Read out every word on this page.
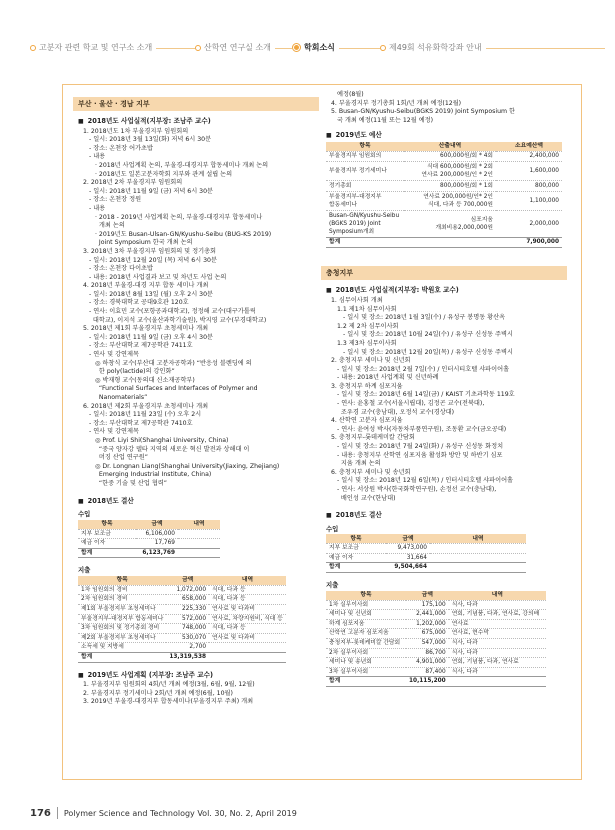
고분자 관련 학교 및 연구소 소개	산학연 연구실 소개	학회소식	제49회 석유화학강좌 안내
부산 · 울산 · 경남 지부
■ 2018년도 사업실적(지부장: 조남주 교수)
1. 2018년도 1차 부울경지부 임원회의
- 일시: 2018년 3월 13일(화) 저녁 6시 30분
- 장소: 온천장 어가초밥
- 내용
· 2018년 사업계획 논의, 부울경-대경지부 합동세미나 개최 논의
· 2018년도 일본고분자학회 지부와 관계 설립 논의
2. 2018년 2차 부울경지부 임원회의
- 일시: 2018년 11월 9일 (금) 저녁 6시 30분
- 장소: 온천장 정원
- 내용
· 2018 - 2019년 사업계획 논의, 부울경-대경지부 합동세미나
개최 논의
· 2019년도 Busan-Ulsan-GN/Kyushu-Seibu (BUG-KS 2019)
Joint Symposium 한국 개최 논의
3. 2018년 3차 부울경지부 임원회의 및 정기총회
- 일시: 2018년 12월 20일 (목) 저녁 6시 30분
- 장소: 온천장 다이초밥
- 내용: 2018년 사업결과 보고 및 차년도 사업 논의
4. 2018년 부울경-대경 지부 합동 세미나 개최
- 일시: 2018년 8월 13일 (월) 오후 2시 30분
- 장소: 경북대학교 공대9호관 120호
- 연사: 이효민 교수(포항공과대학교), 정정해 교수(대구가톨릭
대학교), 이지석 교수(울산과학기술원), 박지영 교수(부경대학교)
5. 2018년 제1회 부울경지부 초청세미나 개최
- 일시: 2018년 11월 9일 (금) 오후 4시 30분
- 장소: 부산대학교 제7공학관 7411호
- 연사 및 강연제목
◎ 하창식 교수(부산대 고분자공학과) “반응성 블렌딩에 의
한 poly(lactide)의 강인화”
◎ 박재형 교수(동의대 신소재공학부)
“Functional Surfaces and Interfaces of Polymer and
Nanomaterials”
6. 2018년 제2회 부울경지부 초청세미나 개최
- 일시: 2018년 11월 23일 (수) 오후 2시
- 장소: 부산대학교 제7공학관 7410호
- 연사 및 강연제목
◎ Prof. Liyi Shi(Shanghai University, China)
“중국 양자강 델타 지역의 새로운 혁신 발전과 상해대 이
머징 산업 연구원”
◎ Dr. Longnan Liang(Shanghai University(Jiaxing, Zhejiang)
Emerging Industrial Institute, China)
“한중 기술 및 산업 협력”
■ 2018년도 결산
수입
항목	금액	내역
지부 보조금	6,106,000	
예금 이자	17,769	
합계	6,123,769	
지출
항목	금액	내역
1차 임원회의 경비	1,072,000	식대, 다과 등
2차 임원회의 경비	658,000	식대, 다과 등
제1회 부울경지부 초청세미나	225,330	연사료 및 다과비
부울경지부-대경지부 합동세미나	572,000	연사료, 차량지원비, 식대 등
3차 임원회의 및 정기총회 경비	748,000	식대, 다과 등
제2회 부울경지부 초청세미나	530,070	연사료 및 다과비
소득세 및 지방세	2,700	
합계	13,319,538	
■ 2019년도 사업계획 (지부장: 조남주 교수)
1. 부울경지부 임원회의 4회/년 개최 예정(3월, 6월, 9월, 12월)
2. 부울경지부 정기세미나 2회/년 개최 예정(6월, 10월)
3. 2019년 부울경-대경지부 합동세미나(부울경지부 주최) 개최
예정(8월)
4. 부울경지부 정기총회 1회/년 개최 예정(12월)
5. Busan-GN/Kyushu-Seibu(BGKS 2019) Joint Symposium 한
국 개최 예정(11월 또는 12월 예정)
■ 2019년도 예산
항목	산출내역	소요예산액
부울경지부 임원회의	600,000원/회 * 4회	2,400,000
부울경지부 정기세미나	식대 600,000원/회 * 2회
연사료 200,000원/인 * 2인	1,600,000
정기총회	800,000원/회 * 1회	800,000
부울경지부-대경지부
합동세미나	연사료 200,000원/인* 2인
식대, 다과 등 700,000원	1,100,000
Busan-GN/Kyushu-Seibu
(BGKS 2019) Joint
Symposium개최	심포지움
개최비용2,000,000원	2,000,000
합계		7,900,000
충청지부
■ 2018년도 사업실적(지부장: 박원호 교수)
1. 심무이사회 개최
1.1 제1차 심무이사회
- 일시 및 장소: 2018년 1월 3일(수) / 유성구 봉명동 황산옥
1.2 제 2차 심무이사회
- 일시 및 장소: 2018년 10월 24일(수) / 유성구 신성동 주벽시
1.3 제3차 심무이사회
- 일시 및 장소: 2018년 12월 20일(목) / 유성구 신성동 주벽시
2. 충청지부 세미나 및 신년회
- 일시 및 장소: 2018년 2월 7일(수) / 인터시티호텔 샤파이어홀
- 내용: 2018년 사업계획 및 신년하례
3. 충청지부 하계 심포지움
- 일시 및 장소: 2018년 6월 14일(금) / KAIST 기초과학동 119호
- 연사: 윤홍철 교수(서울시립대), 김정곤 교수(전북대),
조우경 교수(충남대), 오정석 교수(경상대)
4. 산학연 고분자 심포지움
- 연사: 윤여성 박사(자동차부품연구원), 조동환 교수(금오공대)
5. 충청지부-롯데케미칼 간담회
- 일시 및 장소: 2018년 7월 24일(화) / 유성구 신성동 화정치
- 내용: 충청지부 산학연 심포지움 활성화 방안 및 하반기 심포
지움 개최 논의
6. 충청지부 세미나 및 송년회
- 일시 및 장소: 2018년 12월 6일(목) / 인터시티호텔 샤파이어홀
- 연사: 서상원 박사(한국화학연구원), 손정선 교수(충남대),
배인성 교수(한남대)
■ 2018년도 결산
수입
항목	금액	내역
지부 보조금	9,473,000	
예금 이자	31,664	
합계	9,504,664	
지출
항목	금액	내역
1차 실무이사회	175,100	식사, 다과
세미나 및 신년회	2,441,000	연회, 기념품, 다과, 연사료, 강의배
하계 심포지움	1,202,000	연사료
산학연 고분자 심포지움	675,000	연사료, 현수막
충청지부-롯데케미칼 간담회	547,000	식사, 다과
2차 실무이사회	86,700	식사, 다과
세미나 및 송년회	4,901,000	연회, 기념품, 다과, 연사료
3차 실무이사회	87,400	식사, 다과
합계	10,115,200	
176 Polymer Science and Technology Vol. 30, No. 2, April 2019
